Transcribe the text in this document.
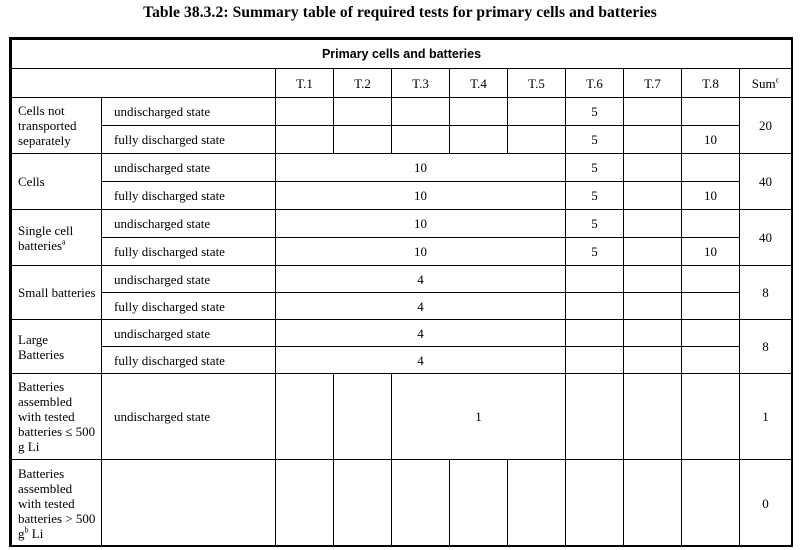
Table 38.3.2: Summary table of required tests for primary cells and batteries
Primary cells and batteries										
		T.1	T.2	T.3	T.4	T.5	T.6	T.7	T.8	Sum$^c$
Cells not transported separately	undischarged state						5			20
	fully discharged state						5		10	
Cells	undischarged state	10					5			40
	fully discharged state	10					5		10	
Single cell batteries$^a$	undischarged state	10					5			40
	fully discharged state	10					5		10	
Small batteries	undischarged state	4								8
	fully discharged state	4								
Large Batteries	undischarged state	4								8
	fully discharged state	4								
Batteries assembled with tested batteries ≤ 500 g Li	undischarged state			1						1
Batteries assembled with tested batteries > 500 $g^b$ Li										0
